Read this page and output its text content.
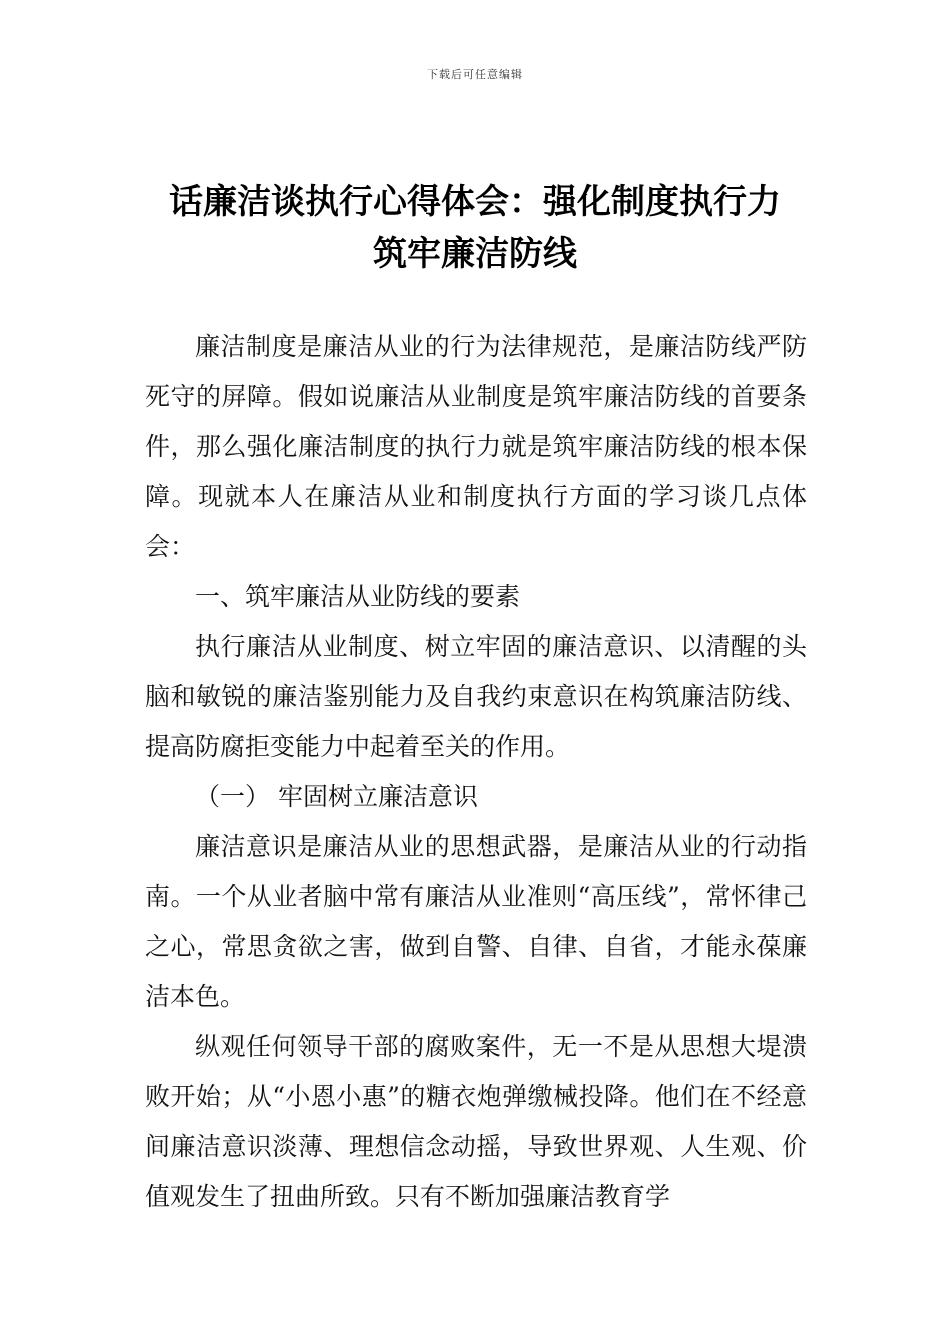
下载后可任意编辑
话廉洁谈执行心得体会：强化制度执行力
筑牢廉洁防线

廉洁制度是廉洁从业的行为法律规范，是廉洁防线严防死守的屏障。假如说廉洁从业制度是筑牢廉洁防线的首要条件，那么强化廉洁制度的执行力就是筑牢廉洁防线的根本保障。现就本人在廉洁从业和制度执行方面的学习谈几点体会：

一、筑牢廉洁从业防线的要素

执行廉洁从业制度、树立牢固的廉洁意识、以清醒的头脑和敏锐的廉洁鉴别能力及自我约束意识在构筑廉洁防线、提高防腐拒变能力中起着至关的作用。

（一） 牢固树立廉洁意识

廉洁意识是廉洁从业的思想武器，是廉洁从业的行动指南。一个从业者脑中常有廉洁从业准则“高压线”，常怀律己之心，常思贪欲之害，做到自警、自律、自省，才能永葆廉洁本色。

纵观任何领导干部的腐败案件，无一不是从思想大堤溃败开始；从“小恩小惠”的糖衣炮弹缴械投降。他们在不经意间廉洁意识淡薄、理想信念动摇，导致世界观、人生观、价值观发生了扭曲所致。只有不断加强廉洁教育学
